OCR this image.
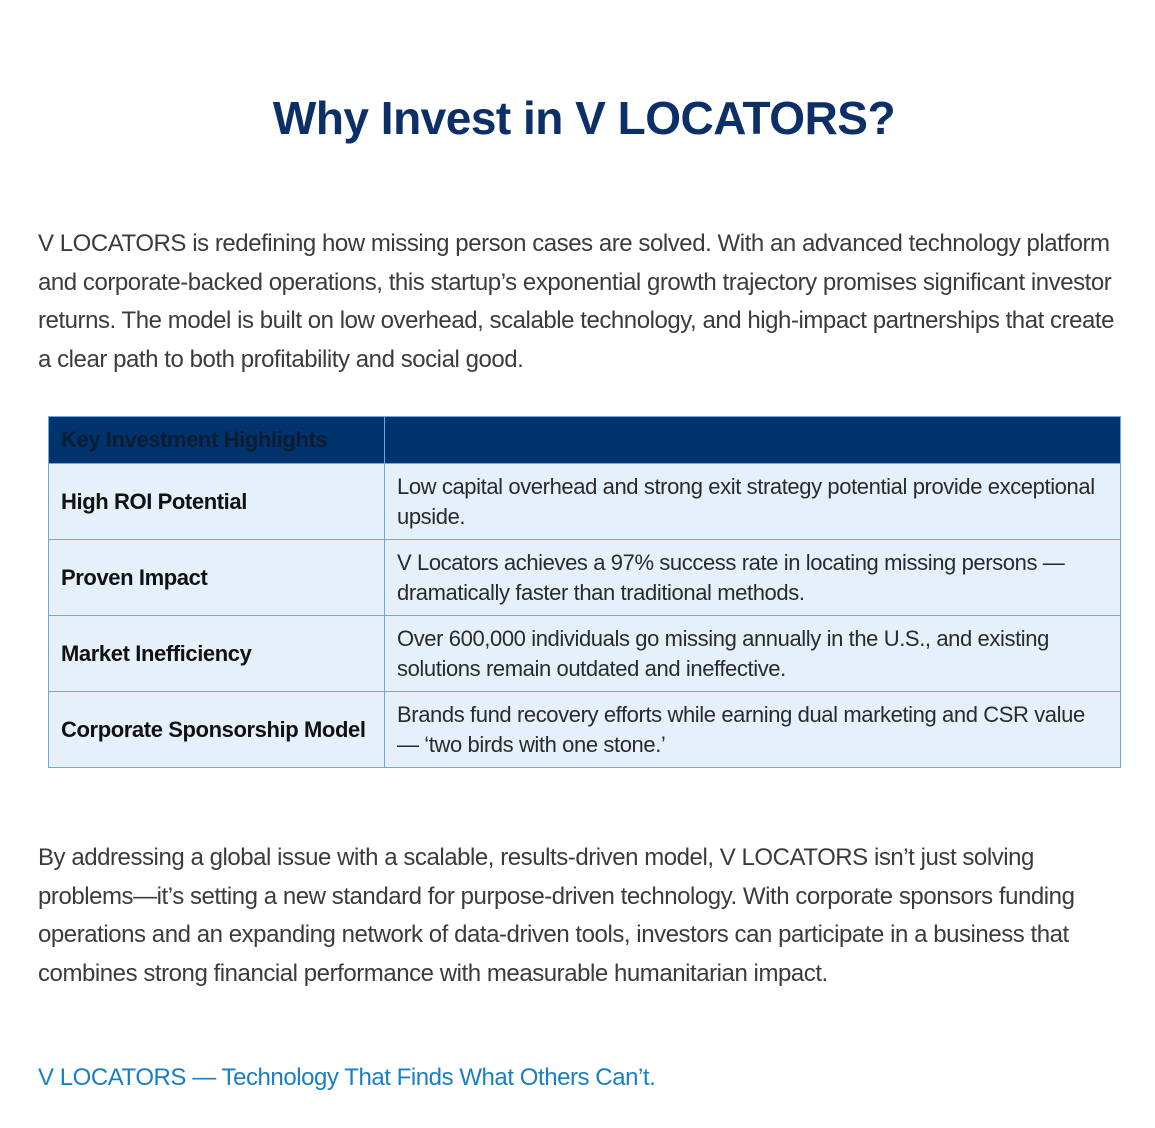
Why Invest in V LOCATORS?

V LOCATORS is redefining how missing person cases are solved. With an advanced technology platform and corporate-backed operations, this startup’s exponential growth trajectory promises significant investor returns. The model is built on low overhead, scalable technology, and high-impact partnerships that create a clear path to both profitability and social good.

Key Investment Highlights	
High ROI Potential	Low capital overhead and strong exit strategy potential provide exceptional upside.
Proven Impact	V Locators achieves a 97% success rate in locating missing persons — dramatically faster than traditional methods.
Market Inefficiency	Over 600,000 individuals go missing annually in the U.S., and existing solutions remain outdated and ineffective.
Corporate Sponsorship Model	Brands fund recovery efforts while earning dual marketing and CSR value — ‘two birds with one stone.’

By addressing a global issue with a scalable, results-driven model, V LOCATORS isn’t just solving problems—it’s setting a new standard for purpose-driven technology. With corporate sponsors funding operations and an expanding network of data-driven tools, investors can participate in a business that combines strong financial performance with measurable humanitarian impact.

V LOCATORS — Technology That Finds What Others Can’t.
